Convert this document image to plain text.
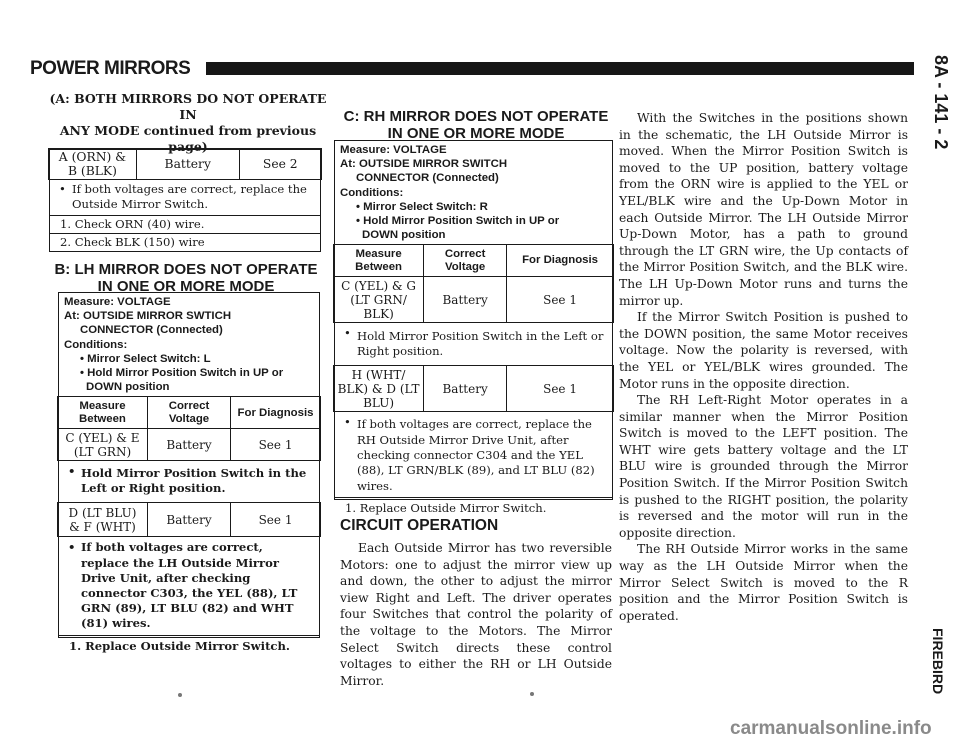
POWER MIRRORS	8A - 141 - 2
FIREBIRD
(A: BOTH MIRRORS DO NOT OPERATE IN
ANY MODE continued from previous page)
A (ORN) & B (BLK)	Battery	See 2
• If both voltages are correct, replace the Outside Mirror Switch.
1. Check ORN (40) wire.
2. Check BLK (150) wire
B: LH MIRROR DOES NOT OPERATE IN ONE OR MORE MODE
Measure: VOLTAGE
At: OUTSIDE MIRROR SWTICH
CONNECTOR (Connected)
Conditions:
• Mirror Select Switch: L
• Hold Mirror Position Switch in UP or
DOWN position
Measure Between	Correct Voltage	For Diagnosis
C (YEL) & E (LT GRN)	Battery	See 1
• Hold Mirror Position Switch in the Left or Right position.
D (LT BLU) & F (WHT)	Battery	See 1
• If both voltages are correct, replace the LH Outside Mirror Drive Unit, after checking connector C303, the YEL (88), LT GRN (89), LT BLU (82) and WHT (81) wires.
1. Replace Outside Mirror Switch.
C: RH MIRROR DOES NOT OPERATE IN ONE OR MORE MODE
Measure: VOLTAGE
At: OUTSIDE MIRROR SWITCH
CONNECTOR (Connected)
Conditions:
• Mirror Select Switch: R
• Hold Mirror Position Switch in UP or
DOWN position
Measure Between	Correct Voltage	For Diagnosis
C (YEL) & G (LT GRN/ BLK)	Battery	See 1
• Hold Mirror Position Switch in the Left or Right position.
H (WHT/ BLK) & D (LT BLU)	Battery	See 1
• If both voltages are correct, replace the RH Outside Mirror Drive Unit, after checking connector C304 and the YEL (88), LT GRN/BLK (89), and LT BLU (82) wires.
1. Replace Outside Mirror Switch.
CIRCUIT OPERATION

Each Outside Mirror has two reversible Motors: one to adjust the mirror view up and down, the other to adjust the mirror view Right and Left. The driver operates four Switches that control the polarity of the voltage to the Motors. The Mirror Select Switch directs these control voltages to either the RH or LH Outside Mirror.

With the Switches in the positions shown in the schematic, the LH Outside Mirror is moved. When the Mirror Position Switch is moved to the UP position, battery voltage from the ORN wire is applied to the YEL or YEL/BLK wire and the Up-Down Motor in each Outside Mirror. The LH Outside Mirror Up-Down Motor, has a path to ground through the LT GRN wire, the Up contacts of the Mirror Position Switch, and the BLK wire. The LH Up-Down Motor runs and turns the mirror up.

If the Mirror Switch Position is pushed to the DOWN position, the same Motor receives voltage. Now the polarity is reversed, with the YEL or YEL/BLK wires grounded. The Motor runs in the opposite direction.

The RH Left-Right Motor operates in a similar manner when the Mirror Position Switch is moved to the LEFT position. The WHT wire gets battery voltage and the LT BLU wire is grounded through the Mirror Position Switch. If the Mirror Position Switch is pushed to the RIGHT position, the polarity is reversed and the motor will run in the opposite direction.

The RH Outside Mirror works in the same way as the LH Outside Mirror when the Mirror Select Switch is moved to the R position and the Mirror Position Switch is operated.

carmanualsonline.info
